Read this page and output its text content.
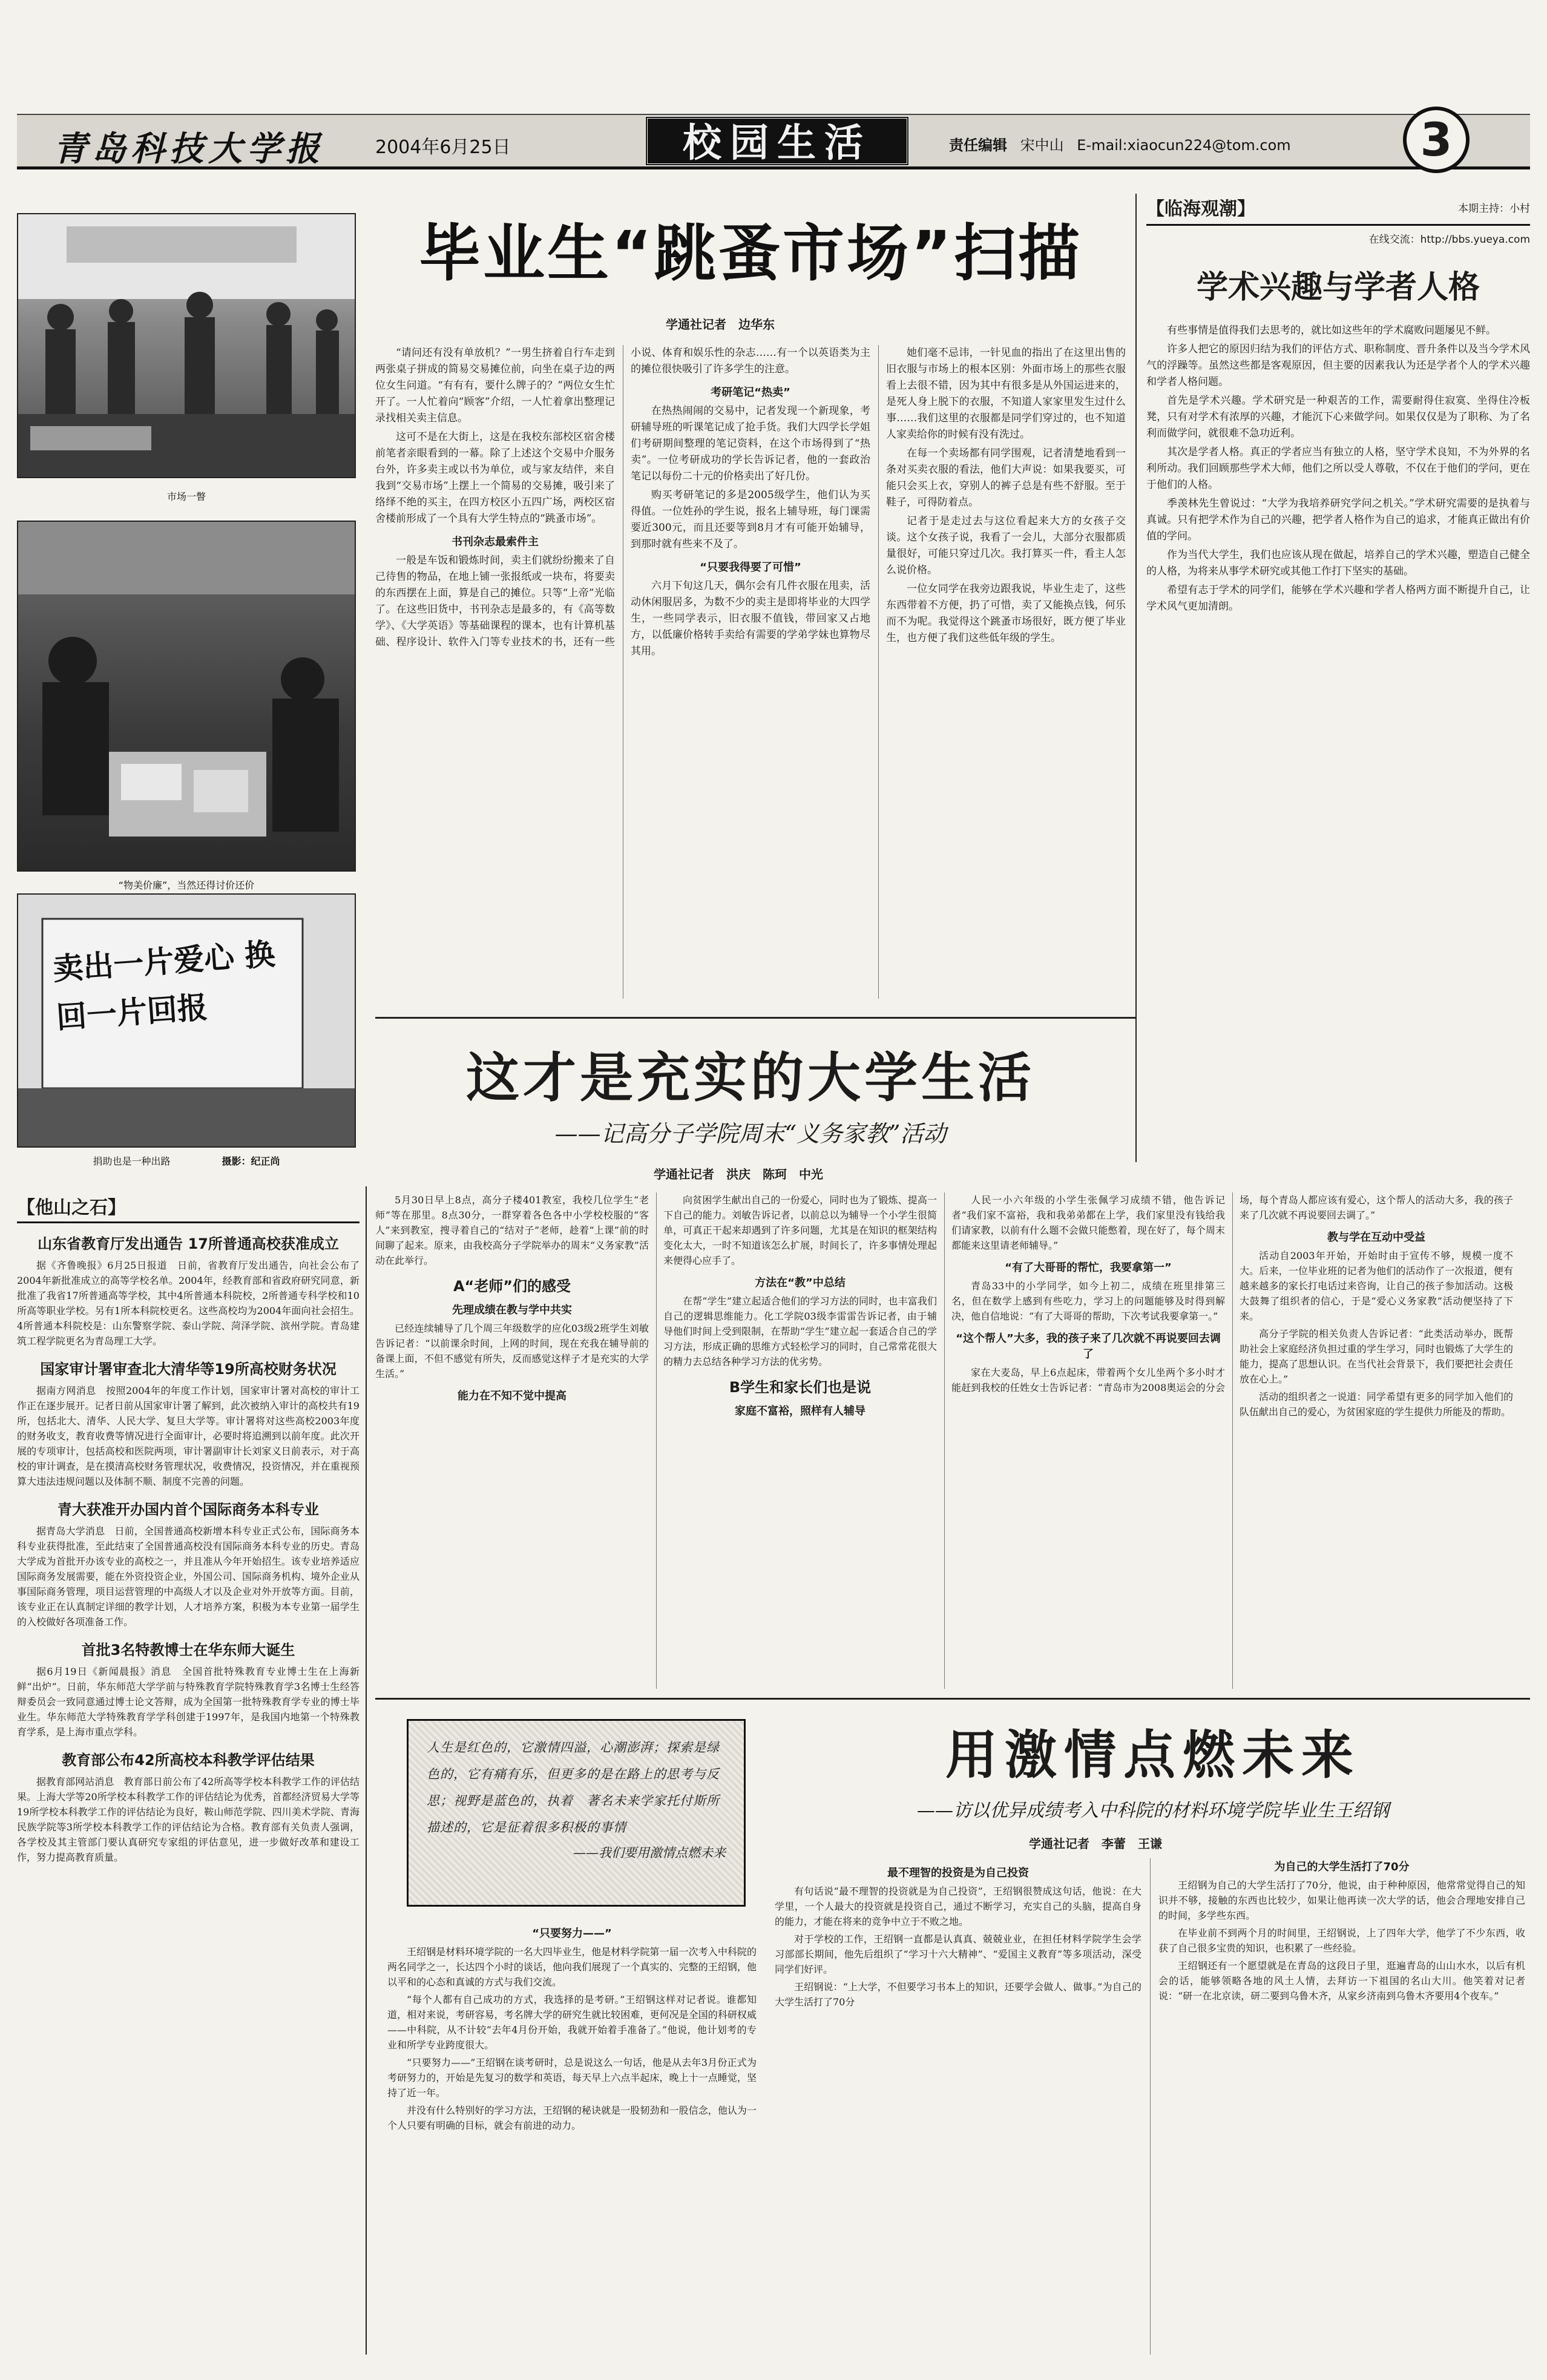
青岛科技大学报	2004年6月25日	校园生活	责任编辑 宋中山 E-mail:xiaocun224@tom.com	3
市场一瞥
“物美价廉”，当然还得讨价还价
卖出一片爱心 换回一片回报
捐助也是一种出路	摄影：纪正尚
毕业生“跳蚤市场”扫描
学通社记者　边华东

“请问还有没有单放机？”一男生挤着自行车走到两张桌子拼成的简易交易摊位前，向坐在桌子边的两位女生问道。“有有有，要什么牌子的？”两位女生忙开了。一人忙着向“顾客”介绍，一人忙着拿出整理记录找相关卖主信息。

这可不是在大街上，这是在我校东部校区宿舍楼前笔者亲眼看到的一幕。除了上述这个交易中介服务台外，许多卖主或以书为单位，或与家友结伴，来自我到“交易市场”上摆上一个简易的交易摊，吸引来了络绎不绝的买主，在四方校区小五四广场，两校区宿舍楼前形成了一个具有大学生特点的“跳蚤市场”。

书刊杂志最索件主

一般是车饭和锻炼时间，卖主们就纷纷搬来了自己待售的物品，在地上铺一张报纸或一块布，将要卖的东西摆在上面，算是自己的摊位。只等“上帝”光临了。在这些旧货中，书刊杂志是最多的，有《高等数学》、《大学英语》等基础课程的课本，也有计算机基础、程序设计、软件入门等专业技术的书，还有一些小说、体育和娱乐性的杂志……有一个以英语类为主的摊位很快吸引了许多学生的注意。

考研笔记“热卖”

在热热闹闹的交易中，记者发现一个新现象，考研辅导班的听课笔记成了抢手货。我们大四学长学姐们考研期间整理的笔记资料，在这个市场得到了“热卖”。一位考研成功的学长告诉记者，他的一套政治笔记以每份二十元的价格卖出了好几份。

购买考研笔记的多是2005级学生，他们认为买得值。一位姓孙的学生说，报名上辅导班，每门课需要近300元，而且还要等到8月才有可能开始辅导，到那时就有些来不及了。

“只要我得要了可惜”

六月下旬这几天，偶尔会有几件衣服在甩卖，活动休闲服居多，为数不少的卖主是即将毕业的大四学生，一些同学表示，旧衣服不值钱，带回家又占地方，以低廉价格转手卖给有需要的学弟学妹也算物尽其用。

她们毫不忌讳，一针见血的指出了在这里出售的旧衣服与市场上的根本区别：外面市场上的那些衣服看上去很不错，因为其中有很多是从外国运进来的，是死人身上脱下的衣服，不知道人家家里发生过什么事……我们这里的衣服都是同学们穿过的，也不知道人家卖给你的时候有没有洗过。

在每一个卖场都有同学围观，记者清楚地看到一条对买卖衣服的看法，他们大声说：如果我要买，可能只会买上衣，穿别人的裤子总是有些不舒服。至于鞋子，可得防着点。

记者于是走过去与这位看起来大方的女孩子交谈。这个女孩子说，我看了一会儿，大部分衣服都质量很好，可能只穿过几次。我打算买一件，看主人怎么说价格。

一位女同学在我旁边跟我说，毕业生走了，这些东西带着不方便，扔了可惜，卖了又能换点钱，何乐而不为呢。我觉得这个跳蚤市场很好，既方便了毕业生，也方便了我们这些低年级的学生。

【临海观潮】	本期主持：小村
在线交流：http://bbs.yueya.com
学术兴趣与学者人格

有些事情是值得我们去思考的，就比如这些年的学术腐败问题屡见不鲜。

许多人把它的原因归结为我们的评估方式、职称制度、晋升条件以及当今学术风气的浮躁等。虽然这些都是客观原因，但主要的因素我认为还是学者个人的学术兴趣和学者人格问题。

首先是学术兴趣。学术研究是一种艰苦的工作，需要耐得住寂寞、坐得住冷板凳，只有对学术有浓厚的兴趣，才能沉下心来做学问。如果仅仅是为了职称、为了名利而做学问，就很难不急功近利。

其次是学者人格。真正的学者应当有独立的人格，坚守学术良知，不为外界的名利所动。我们回顾那些学术大师，他们之所以受人尊敬，不仅在于他们的学问，更在于他们的人格。

季羡林先生曾说过：“大学为我培养研究学问之机关。”学术研究需要的是执着与真诚。只有把学术作为自己的兴趣，把学者人格作为自己的追求，才能真正做出有价值的学问。

作为当代大学生，我们也应该从现在做起，培养自己的学术兴趣，塑造自己健全的人格，为将来从事学术研究或其他工作打下坚实的基础。

希望有志于学术的同学们，能够在学术兴趣和学者人格两方面不断提升自己，让学术风气更加清朗。

这才是充实的大学生活
——记高分子学院周末“义务家教”活动
学通社记者　洪庆　陈珂　中光

5月30日早上8点，高分子楼401教室，我校几位学生“老师”等在那里。8点30分，一群穿着各色各中小学校校服的“客人”来到教室，搜寻着自己的“结对子”老师，趁着“上课”前的时间聊了起来。原来，由我校高分子学院举办的周末“义务家教”活动在此举行。

A“老师”们的感受
先理成绩在教与学中共实

已经连续辅导了几个周三年级数学的应化03级2班学生刘敏告诉记者：“以前课余时间，上网的时间，现在充我在辅导前的备课上面，不但不感觉有所失，反而感觉这样子才是充实的大学生活。”

能力在不知不觉中提高

向贫困学生献出自己的一份爱心，同时也为了锻炼、提高一下自己的能力。刘敏告诉记者，以前总以为辅导一个小学生很简单，可真正干起来却遇到了许多问题，尤其是在知识的框架结构变化太大，一时不知道该怎么扩展，时间长了，许多事情处理起来便得心应手了。

方法在“教”中总结

在帮“学生”建立起适合他们的学习方法的同时，也丰富我们自己的逻辑思维能力。化工学院03级李雷雷告诉记者，由于辅导他们时间上受到限制，在帮助“学生”建立起一套适合自己的学习方法，形成正确的思维方式轻松学习的同时，自己常常花很大的精力去总结各种学习方法的优劣势。

B学生和家长们也是说
家庭不富裕，照样有人辅导

人民一小六年级的小学生张佩学习成绩不错，他告诉记者“我们家不富裕，我和我弟弟都在上学，我们家里没有钱给我们请家教，以前有什么题不会做只能憋着，现在好了，每个周末都能来这里请老师辅导。”

“有了大哥哥的帮忙，我要拿第一”

青岛33中的小学同学，如今上初二，成绩在班里排第三名，但在数学上感到有些吃力，学习上的问题能够及时得到解决，他自信地说：“有了大哥哥的帮助，下次考试我要拿第一。”

“这个帮人”大多，我的孩子来了几次就不再说要回去调了

家在大麦岛，早上6点起床，带着两个女儿坐两个多小时才能赶到我校的任姓女士告诉记者：“青岛市为2008奥运会的分会场，每个青岛人都应该有爱心，这个帮人的活动大多，我的孩子来了几次就不再说要回去调了。”

教与学在互动中受益

活动自2003年开始，开始时由于宣传不够，规模一度不大。后来，一位毕业班的记者为他们的活动作了一次报道，便有越来越多的家长打电话过来咨询，让自己的孩子参加活动。这极大鼓舞了组织者的信心，于是“爱心义务家教”活动便坚持了下来。

高分子学院的相关负责人告诉记者：“此类活动举办，既帮助社会上家庭经济负担过重的学生学习，同时也锻炼了大学生的能力，提高了思想认识。在当代社会背景下，我们要把社会责任放在心上。”

活动的组织者之一说道：同学希望有更多的同学加入他们的队伍献出自己的爱心，为贫困家庭的学生提供力所能及的帮助。

【他山之石】
山东省教育厅发出通告 17所普通高校获准成立

据《齐鲁晚报》6月25日报道　日前，省教育厅发出通告，向社会公布了2004年新批准成立的高等学校名单。2004年，经教育部和省政府研究同意，新批准了我省17所普通高等学校，其中4所普通本科院校，2所普通专科学校和10所高等职业学校。另有1所本科院校更名。这些高校均为2004年面向社会招生。4所普通本科院校是：山东警察学院、泰山学院、菏泽学院、滨州学院。青岛建筑工程学院更名为青岛理工大学。

国家审计署审查北大清华等19所高校财务状况

据南方网消息　按照2004年的年度工作计划，国家审计署对高校的审计工作正在逐步展开。记者日前从国家审计署了解到，此次被纳入审计的高校共有19所，包括北大、清华、人民大学、复旦大学等。审计署将对这些高校2003年度的财务收支，教育收费等情况进行全面审计，必要时将追溯到以前年度。此次开展的专项审计，包括高校和医院两项，审计署副审计长刘家义日前表示，对于高校的审计调查，是在摸清高校财务管理状况，收费情况，投资情况，并在重视预算大违法违规问题以及体制不顺、制度不完善的问题。

青大获准开办国内首个国际商务本科专业

据青岛大学消息　日前，全国普通高校新增本科专业正式公布，国际商务本科专业获得批准，至此结束了全国普通高校没有国际商务本科专业的历史。青岛大学成为首批开办该专业的高校之一，并且准从今年开始招生。该专业培养适应国际商务发展需要，能在外资投资企业，外国公司、国际商务机构、境外企业从事国际商务管理，项目运营管理的中高级人才以及企业对外开放等方面。目前，该专业正在认真制定详细的教学计划，人才培养方案，积极为本专业第一届学生的入校做好各项准备工作。

首批3名特教博士在华东师大诞生

据6月19日《新闻晨报》消息　全国首批特殊教育专业博士生在上海新鲜“出炉”。日前，华东师范大学学前与特殊教育学院特殊教育学3名博士生经答辩委员会一致同意通过博士论文答辩，成为全国第一批特殊教育学专业的博士毕业生。华东师范大学特殊教育学学科创建于1997年，是我国内地第一个特殊教育学系，是上海市重点学科。

教育部公布42所高校本科教学评估结果

据教育部网站消息　教育部日前公布了42所高等学校本科教学工作的评估结果。上海大学等20所学校本科教学工作的评估结论为优秀，首都经济贸易大学等19所学校本科教学工作的评估结论为良好，鞍山师范学院、四川美术学院、青海民族学院等3所学校本科教学工作的评估结论为合格。教育部有关负责人强调，各学校及其主管部门要认真研究专家组的评估意见，进一步做好改革和建设工作，努力提高教育质量。

人生是红色的，它激情四溢，心潮澎湃；探索是绿色的，它有痛有乐，但更多的是在路上的思考与反思；视野是蓝色的，执着　著名未来学家托付斯所描述的，它是征着很多积极的事情
——我们要用激情点燃未来
用激情点燃未来
——访以优异成绩考入中科院的材料环境学院毕业生王绍钢
学通社记者　李蕾　王谦
“只要努力——”

王绍钢是材料环境学院的一名大四毕业生，他是材料学院第一届一次考入中科院的两名同学之一，长达四个小时的谈话，他向我们展现了一个真实的、完整的王绍钢，他以平和的心态和真诚的方式与我们交流。

“每个人都有自己成功的方式，我选择的是考研。”王绍钢这样对记者说。谁都知道，相对来说，考研容易，考名牌大学的研究生就比较困难，更何况是全国的科研权威——中科院，从不计较“去年4月份开始，我就开始着手准备了。”他说，他计划考的专业和所学专业跨度很大。

“只要努力——”王绍钢在谈考研时，总是说这么一句话，他是从去年3月份正式为考研努力的，开始是先复习的数学和英语，每天早上六点半起床，晚上十一点睡觉，坚持了近一年。

并没有什么特别好的学习方法，王绍钢的秘诀就是一股韧劲和一股信念，他认为一个人只要有明确的目标，就会有前进的动力。

最不理智的投资是为自己投资

有句话说“最不理智的投资就是为自己投资”，王绍钢很赞成这句话，他说：在大学里，一个人最大的投资就是投资自己，通过不断学习，充实自己的头脑，提高自身的能力，才能在将来的竞争中立于不败之地。

对于学校的工作，王绍钢一直都是认真真、兢兢业业，在担任材料学院学生会学习部部长期间，他先后组织了“学习十六大精神”、“爱国主义教育”等多项活动，深受同学们好评。

王绍钢说：“上大学，不但要学习书本上的知识，还要学会做人、做事。”为自己的大学生活打了70分

为自己的大学生活打了70分

王绍钢为自己的大学生活打了70分，他说，由于种种原因，他常常觉得自己的知识并不够，接触的东西也比较少，如果让他再读一次大学的话，他会合理地安排自己的时间，多学些东西。

在毕业前不到两个月的时间里，王绍钢说，上了四年大学，他学了不少东西，收获了自己很多宝贵的知识，也积累了一些经验。

王绍钢还有一个愿望就是在青岛的这段日子里，逛遍青岛的山山水水，以后有机会的话，能够领略各地的风土人情，去拜访一下祖国的名山大川。他笑着对记者说：“研一在北京读，研二要到乌鲁木齐，从家乡济南到乌鲁木齐要用4个夜车。”
